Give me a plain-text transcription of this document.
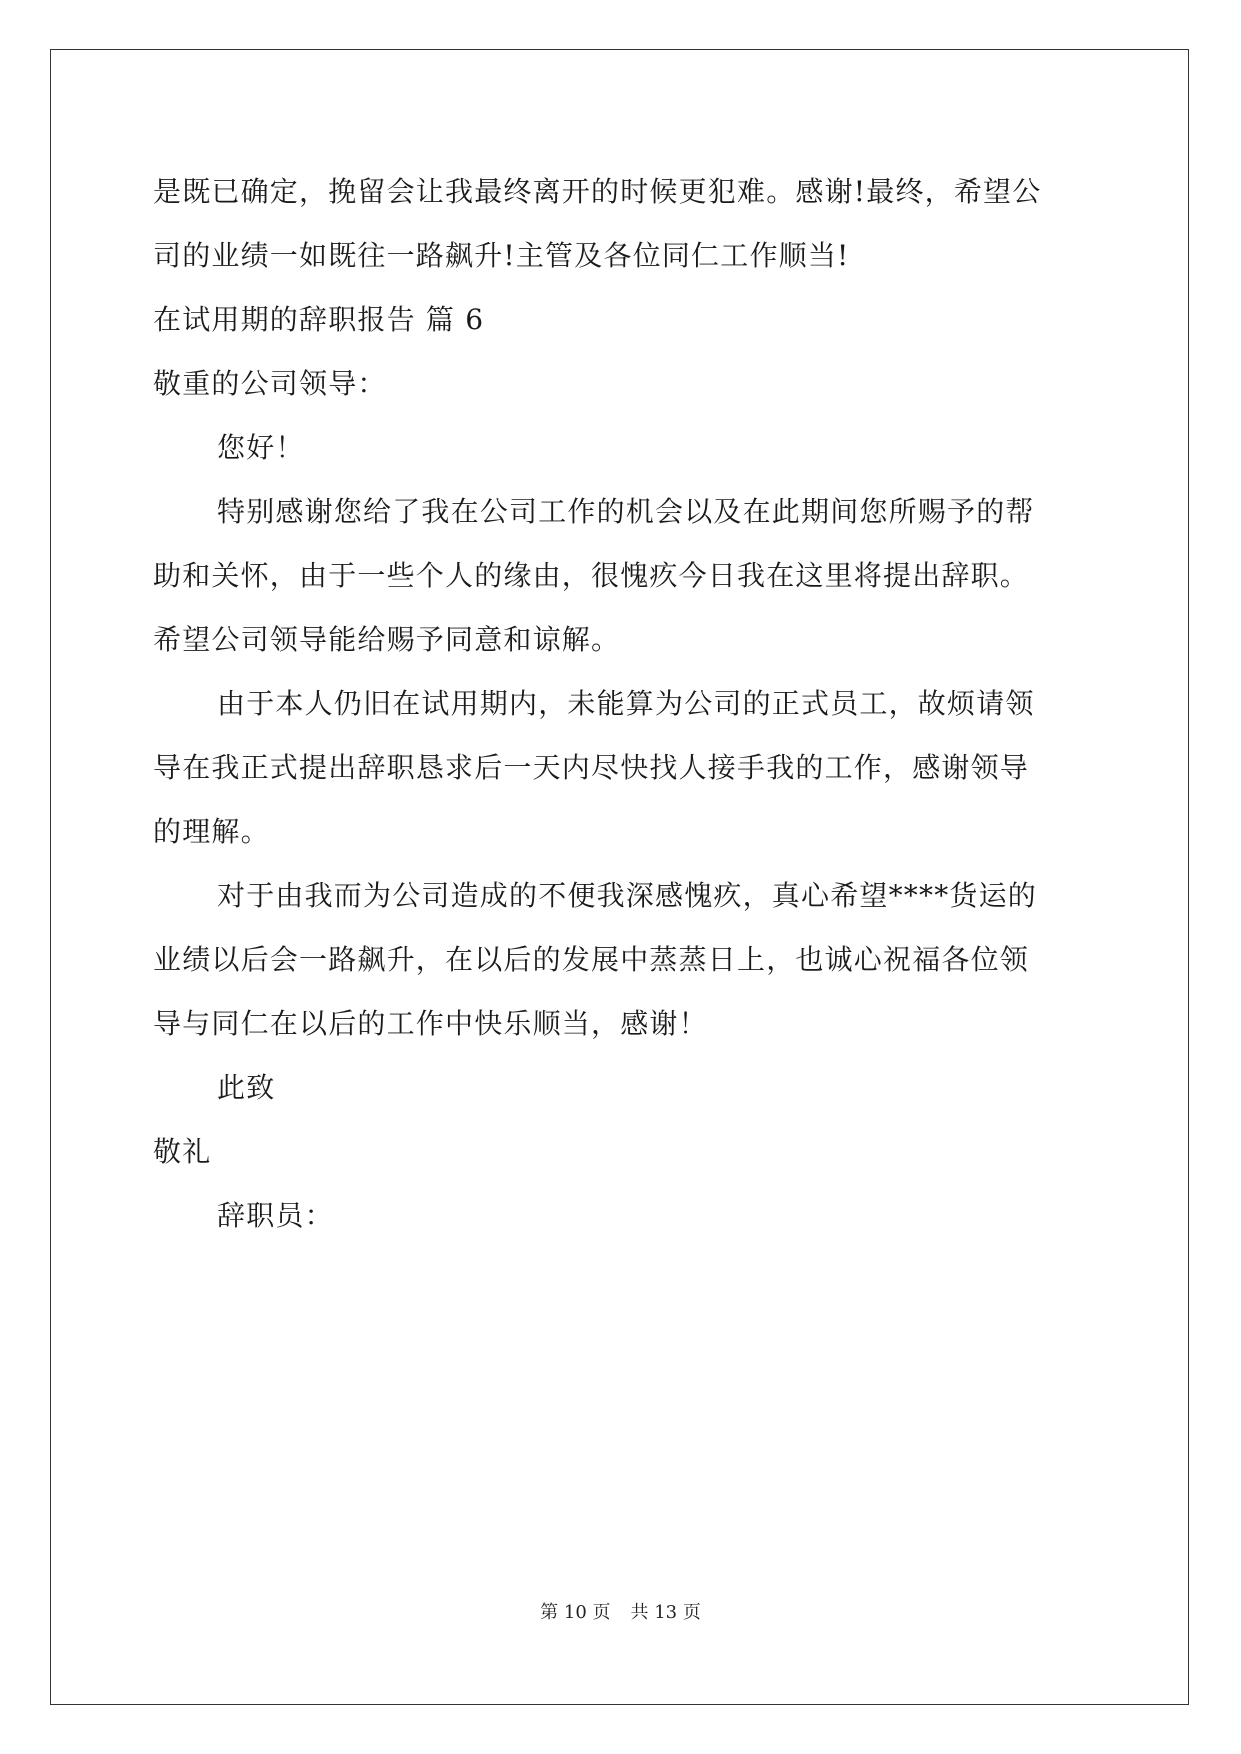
是既已确定，挽留会让我最终离开的时候更犯难。感谢!最终，希望公
司的业绩一如既往一路飙升!主管及各位同仁工作顺当!
在试用期的辞职报告 篇 6
敬重的公司领导：
您好！
特别感谢您给了我在公司工作的机会以及在此期间您所赐予的帮
助和关怀，由于一些个人的缘由，很愧疚今日我在这里将提出辞职。
希望公司领导能给赐予同意和谅解。
由于本人仍旧在试用期内，未能算为公司的正式员工，故烦请领
导在我正式提出辞职恳求后一天内尽快找人接手我的工作，感谢领导
的理解。
对于由我而为公司造成的不便我深感愧疚，真心希望****货运的
业绩以后会一路飙升，在以后的发展中蒸蒸日上，也诚心祝福各位领
导与同仁在以后的工作中快乐顺当，感谢！
此致
敬礼
辞职员：
第 10 页 共 13 页
